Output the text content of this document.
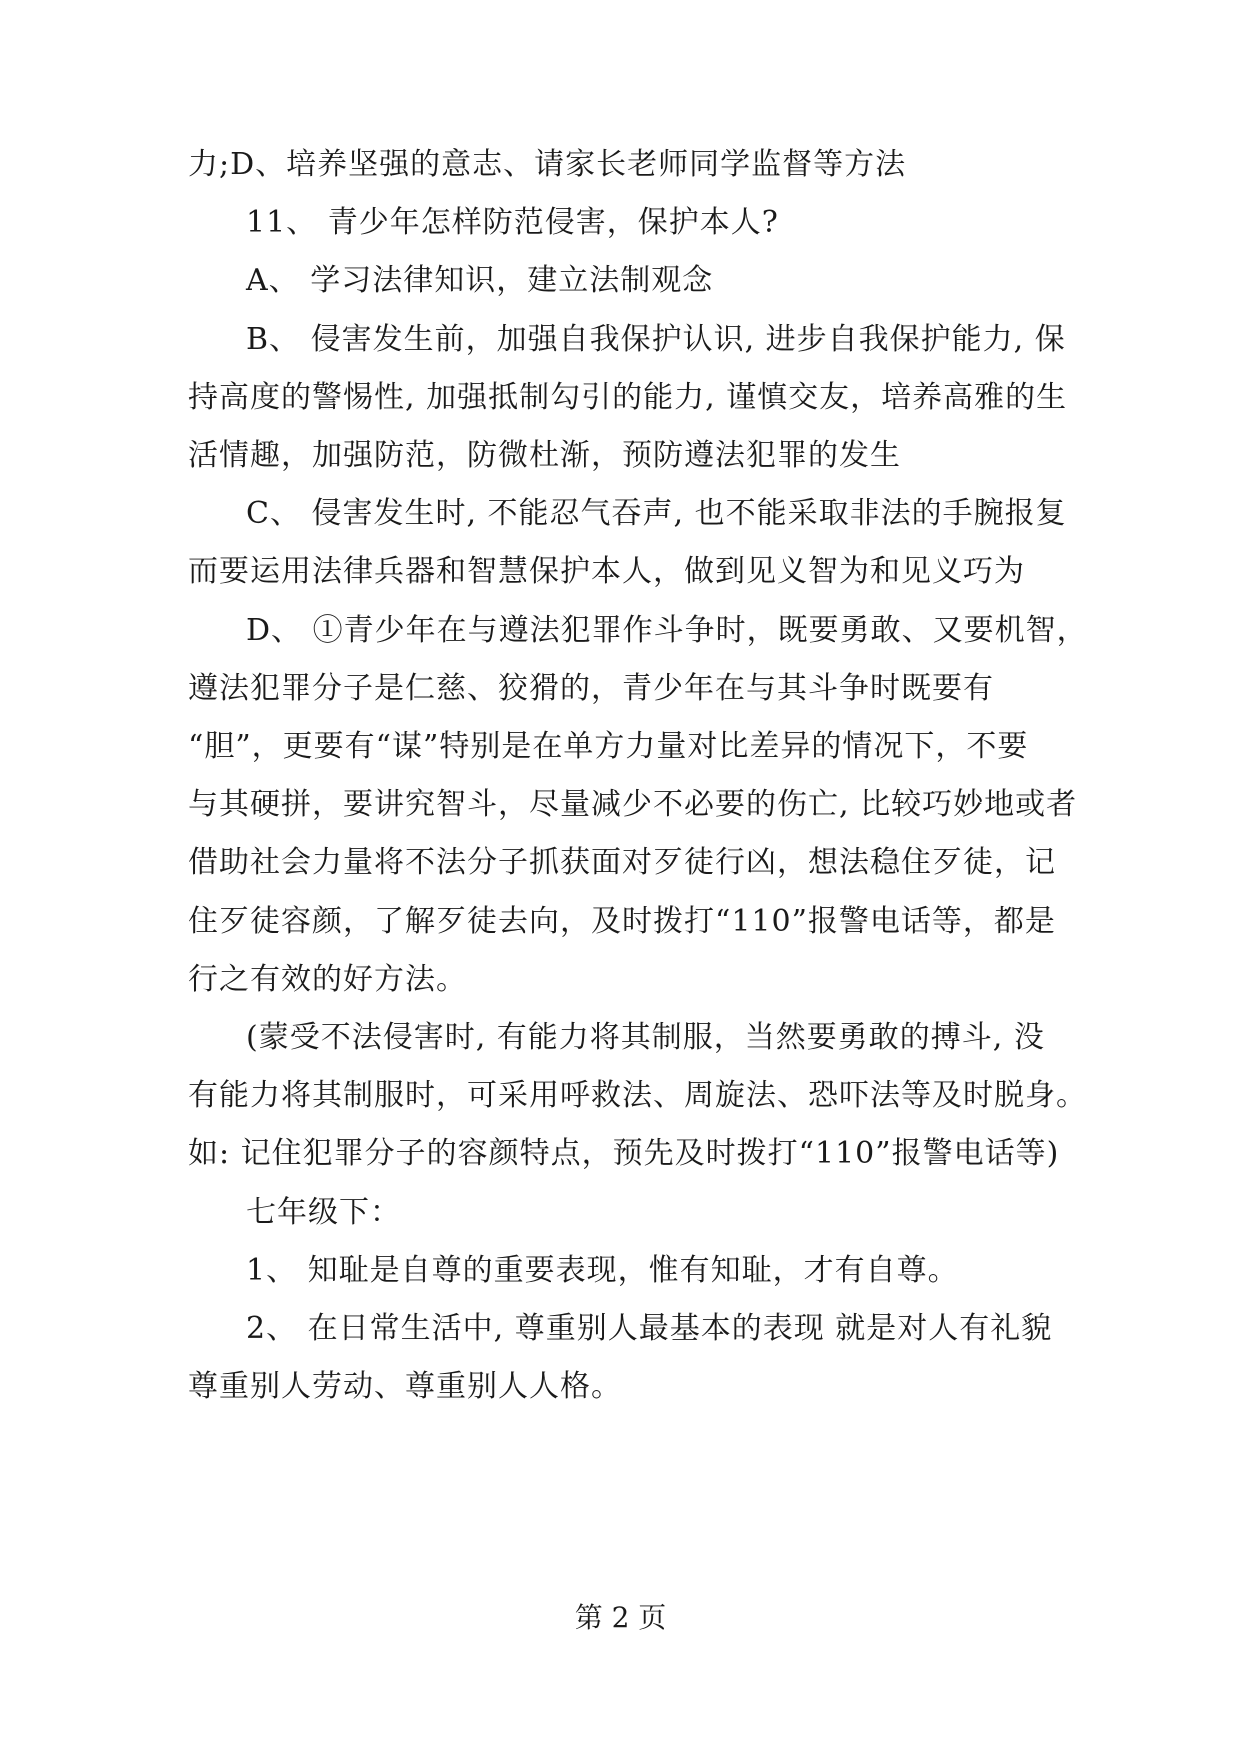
力;D、培养坚强的意志、请家长老师同学监督等方法
11、 青少年怎样防范侵害，保护本人?
A、 学习法律知识，建立法制观念
B、 侵害发生前，加强自我保护认识, 进步自我保护能力, 保
持高度的警惕性, 加强抵制勾引的能力, 谨慎交友，培养高雅的生
活情趣，加强防范，防微杜渐，预防遵法犯罪的发生
C、 侵害发生时, 不能忍气吞声, 也不能采取非法的手腕报复
而要运用法律兵器和智慧保护本人，做到见义智为和见义巧为
D、 ①青少年在与遵法犯罪作斗争时，既要勇敢、又要机智，
遵法犯罪分子是仁慈、狡猾的，青少年在与其斗争时既要有
“胆”，更要有“谋”特别是在单方力量对比差异的情况下，不要
与其硬拼，要讲究智斗，尽量减少不必要的伤亡, 比较巧妙地或者
借助社会力量将不法分子抓获面对歹徒行凶，想法稳住歹徒，记
住歹徒容颜，了解歹徒去向，及时拨打“110”报警电话等，都是
行之有效的好方法。
(蒙受不法侵害时, 有能力将其制服，当然要勇敢的搏斗, 没
有能力将其制服时，可采用呼救法、周旋法、恐吓法等及时脱身。
如: 记住犯罪分子的容颜特点，预先及时拨打“110”报警电话等)
七年级下：
1、 知耻是自尊的重要表现，惟有知耻，才有自尊。
2、 在日常生活中, 尊重别人最基本的表现 就是对人有礼貌
尊重别人劳动、尊重别人人格。
第 2 页
